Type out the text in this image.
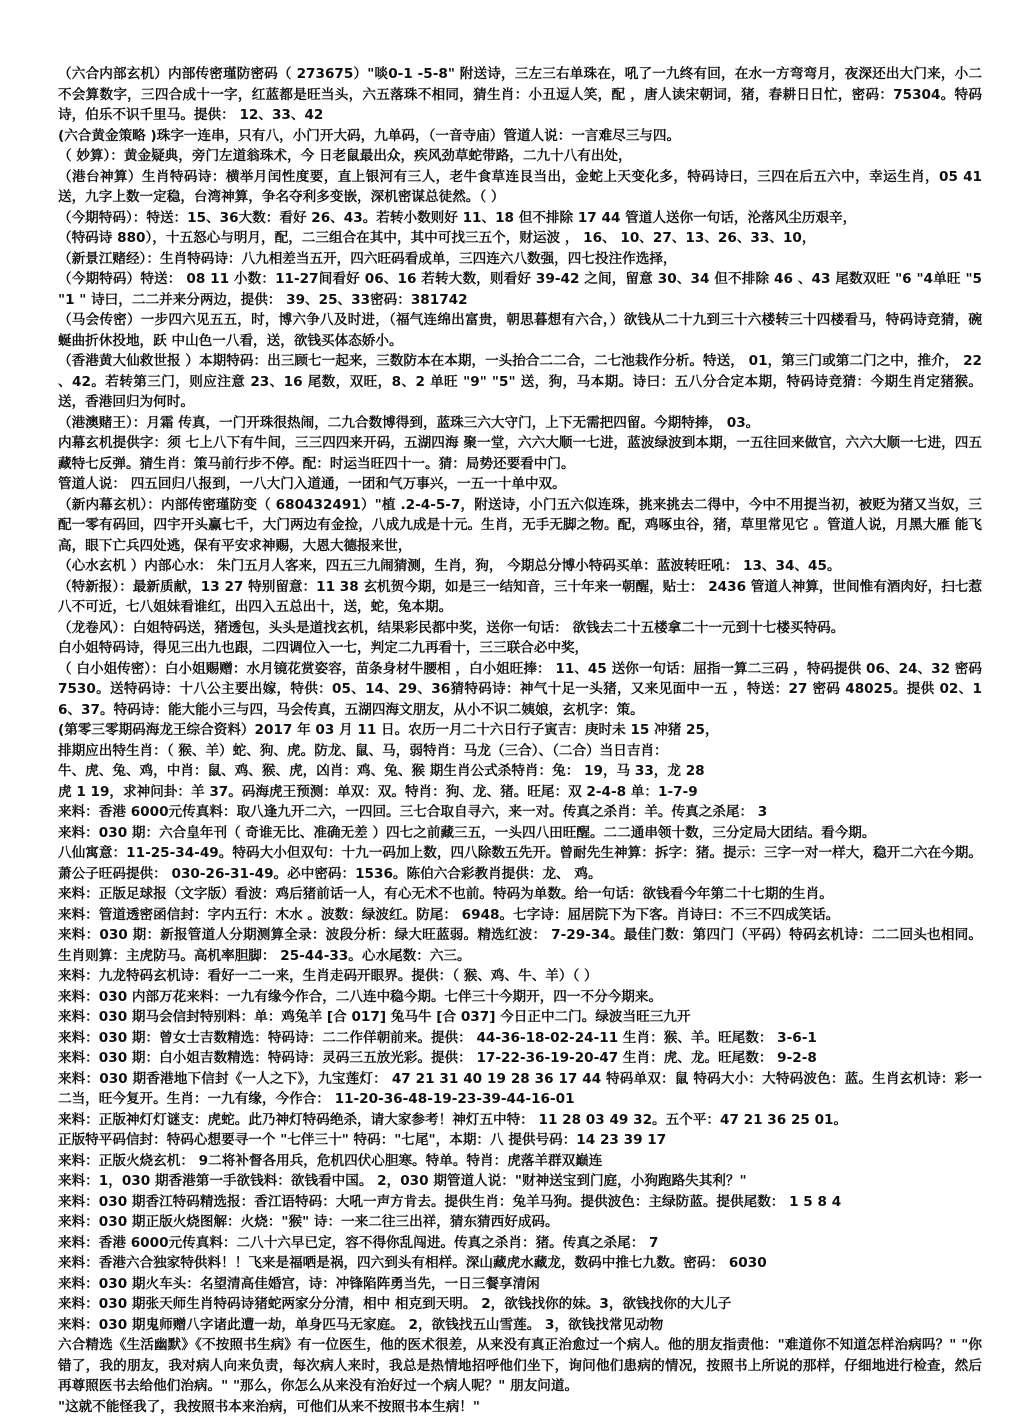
（六合内部玄机）内部传密瑾防密码（ 273675）"啖0-1 -5-8" 附送诗，三左三右单珠在，吼了一九终有回，在水一方弯弯月，夜深还出大门来，小二不会算数字，三四合成十一字，红蓝都是旺当头，六五落珠不相同，猜生肖：小丑逗人笑，配 ，唐人读宋朝词，猪，春耕日日忙，密码：75304。特码诗，伯乐不识千里马。提供： 12、33、42

(六合黄金策略 )珠字一连串，只有八，小门开大码，九单码，（一音寺庙）管道人说：一言难尽三与四。

（ 妙算）：黄金疑典，旁门左道翁珠术，今 日老鼠最出众，疾风劲草蛇带路，二九十八有出处，

（港台神算）生肖特码诗：横举月闰性度要，直上银河有三人，老牛食草连艮当出，金蛇上天变化多，特码诗曰，三四在后五六中，幸运生肖，05 41 送，九字上数一定稳，台湾神算，争名夺利多变嵌，深机密谋总徒然。（ ）

（今期特码）：特送：15、36大数：看好 26、43。若转小数则好 11、18 但不排除 17 44 管道人送你一句话，沦落风尘历艰辛，

（特码诗 880），十五怒心与明月，配，二三组合在其中，其中可找三五个，财运波 ， 16、 10、27、13、26、33、10，

（新景江赌经）：生肖特码诗：八九相差当五开，四六旺码看成单，三四连六八数强，四七投注作选择，

（今期特码）特送： 08 11 小数：11-27间看好 06、16 若转大数，则看好 39-42 之间，留意 30、34 但不排除 46 、43 尾数双旺 "6 "4单旺 "5 "1 " 诗曰，二二并来分两边，提供： 39、25、33密码：381742

（马会传密）一步四六见五五，时，博六争八及时进，（福气连绵出富贵，朝思暮想有六合，）欲钱从二十九到三十六楼转三十四楼看马，特码诗竞猜，碗蜒曲折休投地，跃 中山色一八看，送，欲钱买体态娇小。

（香港黄大仙救世报 ）本期特码：出三顾七一起来，三数防本在本期，一头抬合二二合，二七池栽作分析。特送， 01，第三门或第二门之中，推介， 22 、42。若转第三门，则应注意 23、16 尾数，双旺，8、2 单旺 "9" "5" 送，狗，马本期。诗曰：五八分合定本期，特码诗竞猜：今期生肖定猪猴。送，香港回归为何时。

（港澳赌王）：月霜 传真，一门开珠很热闹，二九合数博得到，蓝珠三六大守门，上下无需把四留。今期特捧， 03。

内幕玄机提供字：须 七上八下有牛间，三三四四来开码，五湖四海 聚一堂，六六大顺一七进，蓝波绿波到本期，一五往回来做官，六六大顺一七进，四五藏特七反弹。猜生肖：策马前行步不停。配：时运当旺四十一。猜：局势还要看中门。

管道人说： 四五回归八报到，一八大门入道通，一团和气万事兴，一五一十单中双。

（新内幕玄机）：内部传密瑾防变（ 680432491）"植 .2-4-5-7，附送诗，小门五六似连珠，挑来挑去二得中，今中不用提当初，被贬为猪又当奴，三配一零有码回，四宇开头赢七千，大门两边有金捡，八成九成是十元。生肖，无手无脚之物。配，鸡啄虫谷，猪，草里常见它 。管道人说，月黑大雁 能飞高，眼下亡兵四处逃，保有平安求神赐，大恩大德报来世，

（心水玄机 ）内部心水： 朱门五月人客来，四五三九闹猜测，生肖，狗， 今期总分博小特码买单：蓝波转旺吼： 13、34、45。

（特新报）：最新质献，13 27 特别留意：11 38 玄机贺今期，如是三一结知音，三十年来一朝醒，贴士： 2436 管道人神算，世间惟有酒肉好，扫七惹八不可近，七八姐妹看谁红，出四入五总出十，送，蛇，兔本期。

（龙卷风）：白姐特码送，猪透包，头头是道找玄机，结果彩民都中奖，送你一句话： 欲钱去二十五楼拿二十一元到十七楼买特码。

白小姐特码诗，得见三出九也跟，二四调位入一七，判定二九再看十，三三联合必中奖，

（ 白小姐传密）：白小姐赐赠：水月镜花赏姿容，苗条身材牛腰相 ，白小姐旺捧： 11、45 送你一句话：屈指一算二三码 ，特码提供 06、24、32 密码 7530。送特码诗：十八公主要出嫁，特供：05、14、29、36猜特码诗：神气十足一头猪，又来见面中一五 ，特送：27 密码 48025。提供 02、16、37。特码诗：能大能小三与四，马会传真，五湖四海文朋友，从小不识二姨娘，玄机字：策。

(第零三零期码海龙王综合资料）2017 年 03 月 11 日。农历一月二十六日行子寅吉：庚时未 15 冲猪 25，

排期应出特生肖：（ 猴、羊）蛇、狗、虎。防龙、鼠、马，弱特肖：马龙（三合）、（二合）当日吉肖：

牛、虎、兔、鸡，中肖：鼠、鸡、猴、虎，凶肖：鸡、兔、猴 期生肖公式杀特肖：兔： 19，马 33，龙 28

虎 1 19，求神问卦：羊 37。码海虎王预测：单双：双。特肖：狗、龙、猪。旺尾：双 2-4-8 单：1-7-9

来料：香港 6000元传真料：取八逢九开二六，一四回。三七合取自寻六，来一对。传真之杀肖：羊。传真之杀尾： 3

来料：030 期：六合皇年刊（ 奇谁无比、准确无差 ）四七之前藏三五，一头四八田旺醒。二二通串领十数，三分定局大团结。看今期。

八仙寓意：11-25-34-49。特码大小但双句：十九一码加上数，四八除数五先开。曾耐先生神算：拆字：猪。提示：三字一对一样大，稳开二六在今期。萧公子旺码提供： 030-26-31-49。必中密码：1536。陈伯六合彩教肖提供：龙、 鸡。

来料：正版足球报（文字版）看波：鸡后猪前话一人，有心无术不也前。特码为单数。给一句话：欲钱看今年第二十七期的生肖。

来料：管道透密函信封：字内五行：木水 。波数：绿波红。防尾： 6948。七字诗：屈居院下为下客。肖诗曰：不三不四成笑话。

来料：030 期：新报管道人分期测算全录：波段分析：绿大旺蓝弱。精选红波： 7-29-34。最佳门数：第四门（平码）特码玄机诗：二二回头也相同。生肖则算：主虎防马。高机率胆脚： 25-44-33。心水尾数：六三。

来料：九龙特码玄机诗：看好一二一来，生肖走码开眼界。提供：（ 猴、鸡、牛、羊）（ ）

来料：030 内部万花来料：一九有缘今作合，二八连中稳今期。七伴三十今期开，四一不分今期来。

来料：030 期马会信封特别料：单：鸡兔羊 [合 017] 兔马牛 [合 037] 今日正中二门。绿波当旺三九开

来料：030 期：曾女士吉数精选：特码诗：二二作佯朝前来。提供： 44-36-18-02-24-11 生肖：猴、羊。旺尾数： 3-6-1

来料：030 期：白小姐吉数精选：特码诗：灵码三五放光彩。提供： 17-22-36-19-20-47 生肖：虎、龙。旺尾数： 9-2-8

来料：030 期香港地下信封《一人之下》，九宝莲灯： 47 21 31 40 19 28 36 17 44 特码单双：鼠 特码大小：大特码波色：蓝。生肖玄机诗：彩一二当，旺今复开。生肖：一九有缘，今作合： 11-20-36-48-19-23-39-44-16-01

来料：正版神灯灯谜支：虎蛇。此乃神灯特码绝杀，请大家参考！神灯五中特： 11 28 03 49 32。五个平：47 21 36 25 01。

正版特平码信封：特码心想要寻一个 "七伴三十" 特码："七尾"，本期：八 提供号码：14 23 39 17

来料：正版火烧玄机： 9二将补督各用兵，危机四伏心胆寒。特单。特肖：虎落羊群双巅连

来料：1，030 期香港第一手欲钱料：欲钱看中国。 2，030 期管道人说："财神送宝到门庭，小狗跑路失其利？"

来料：030 期香江特码精选报：香江语特码：大吼一声方肯去。提供生肖：兔羊马狗。提供波色：主绿防蓝。提供尾数： 1 5 8 4

来料：030 期正版火烧图解：火烧："猴" 诗：一来二往三出祥，猜东猜西好成码。

来料：香港 6000元传真料：二八十六早已定，容不得你乱闯进。传真之杀肖：猪。传真之杀尾： 7

来料：香港六合独家特供料！！飞来是福哂是祸，四六到头有相样。深山藏虎水藏龙，数码中推七九数。密码： 6030

来料：030 期火车头：名望清高佳婚宫，诗：冲锋陷阵勇当先，一日三餐享清闲

来料：030 期张天师生肖特码诗猪蛇两家分分清，相中 相克到天明。 2，欲钱找你的妹。3，欲钱找你的大儿子

来料：030 期鬼师赠八字诸此遭一劫，单身匹马无家庭。 2，欲钱找五山雪莲。 3，欲钱找常见动物

六合精选《生活幽默》《不按照书生病》有一位医生，他的医术很差，从来没有真正治愈过一个病人。他的朋友指责他："难道你不知道怎样治病吗？" "你错了，我的朋友，我对病人向来负责，每次病人来时，我总是热情地招呼他们坐下，询问他们患病的情况，按照书上所说的那样，仔细地进行检查，然后再尊照医书去给他们治病。" "那么，你怎么从来没有治好过一个病人呢？" 朋友问道。

"这就不能怪我了，我按照书本来治病，可他们从来不按照书本生病！"
